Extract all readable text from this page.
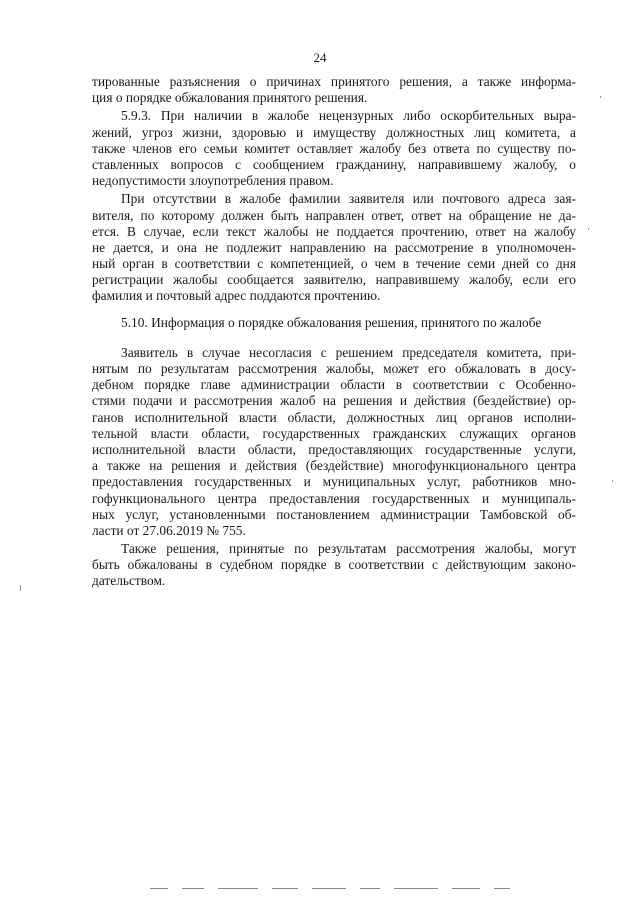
24
тированные разъяснения о причинах принятого решения, а также информа-
ция о порядке обжалования принятого решения.
5.9.3. При наличии в жалобе нецензурных либо оскорбительных выра-
жений, угроз жизни, здоровью и имуществу должностных лиц комитета, а
также членов его семьи комитет оставляет жалобу без ответа по существу по-
ставленных вопросов с сообщением гражданину, направившему жалобу, о
недопустимости злоупотребления правом.
При отсутствии в жалобе фамилии заявителя или почтового адреса зая-
вителя, по которому должен быть направлен ответ, ответ на обращение не да-
ется. В случае, если текст жалобы не поддается прочтению, ответ на жалобу
не дается, и она не подлежит направлению на рассмотрение в уполномочен-
ный орган в соответствии с компетенцией, о чем в течение семи дней со дня
регистрации жалобы сообщается заявителю, направившему жалобу, если его
фамилия и почтовый адрес поддаются прочтению.
5.10. Информация о порядке обжалования решения, принятого по жалобе
Заявитель в случае несогласия с решением председателя комитета, при-
нятым по результатам рассмотрения жалобы, может его обжаловать в досу-
дебном порядке главе администрации области в соответствии с Особенно-
стями подачи и рассмотрения жалоб на решения и действия (бездействие) ор-
ганов исполнительной власти области, должностных лиц органов исполни-
тельной власти области, государственных гражданских служащих органов
исполнительной власти области, предоставляющих государственные услуги,
а также на решения и действия (бездействие) многофункционального центра
предоставления государственных и муниципальных услуг, работников мно-
гофункционального центра предоставления государственных и муниципаль-
ных услуг, установленными постановлением администрации Тамбовской об-
ласти от 27.06.2019 № 755.
Также решения, принятые по результатам рассмотрения жалобы, могут
быть обжалованы в судебном порядке в соответствии с действующим законо-
дательством.
